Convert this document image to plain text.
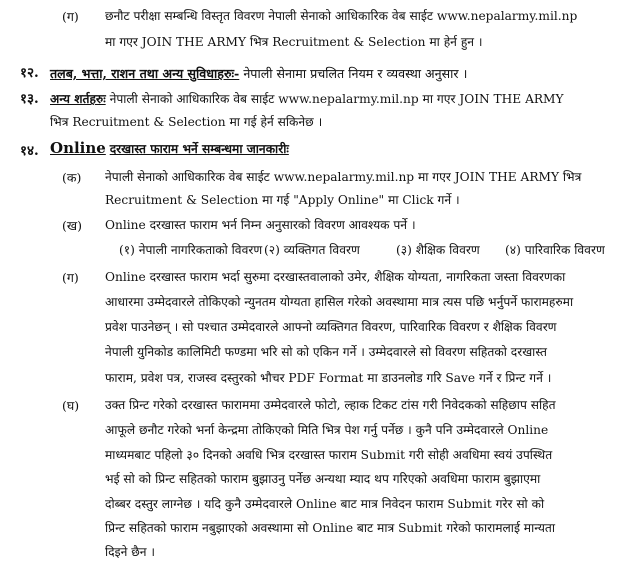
(ग) छनौट परीक्षा सम्बन्धि विस्तृत विवरण नेपाली सेनाको आधिकारिक वेब साईट www.nepalarmy.mil.np
मा गएर JOIN THE ARMY भित्र Recruitment & Selection मा हेर्न हुन ।
१२. तलब, भत्ता, राशन तथा अन्य सुविधाहरुः- नेपाली सेनामा प्रचलित नियम र व्यवस्था अनुसार ।
१३. अन्य शर्तहरुः नेपाली सेनाको आधिकारिक वेब साईट www.nepalarmy.mil.np मा गएर JOIN THE ARMY
भित्र Recruitment & Selection मा गई हेर्न सकिनेछ ।
१४. Online दरखास्त फाराम भर्ने सम्बन्धमा जानकारीः
(क) नेपाली सेनाको आधिकारिक वेब साईट www.nepalarmy.mil.np मा गएर JOIN THE ARMY भित्र
Recruitment & Selection मा गई "Apply Online" मा Click गर्ने ।
(ख) Online दरखास्त फाराम भर्न निम्न अनुसारको विवरण आवश्यक पर्ने ।
(१) नेपाली नागरिकताको विवरण (२) व्यक्तिगत विवरण	(३) शैक्षिक विवरण (४) पारिवारिक विवरण
(ग) Online दरखास्त फाराम भर्दा सुरुमा दरखास्तवालाको उमेर, शैक्षिक योग्यता, नागरिकता जस्ता विवरणका
आधारमा उम्मेदवारले तोकिएको न्युनतम योग्यता हासिल गरेको अवस्थामा मात्र त्यस पछि भर्नुपर्ने फारामहरुमा
प्रवेश पाउनेछन् । सो पश्चात उम्मेदवारले आफ्नो व्यक्तिगत विवरण, पारिवारिक विवरण र शैक्षिक विवरण
नेपाली युनिकोड कालिमिटी फण्डमा भरि सो को एकिन गर्ने । उम्मेदवारले सो विवरण सहितको दरखास्त
फाराम, प्रवेश पत्र, राजस्व दस्तुरको भौचर PDF Format मा डाउनलोड गरि Save गर्ने र प्रिन्ट गर्ने ।
(घ) उक्त प्रिन्ट गरेको दरखास्त फाराममा उम्मेदवारले फोटो, ल्हाक टिकट टांस गरी निवेदकको सहिछाप सहित
आफूले छनौट गरेको भर्ना केन्द्रमा तोकिएको मिति भित्र पेश गर्नु पर्नेछ । कुनै पनि उम्मेदवारले Online
माध्यमबाट पहिलो ३० दिनको अवधि भित्र दरखास्त फाराम Submit गरी सोही अवधिमा स्वयं उपस्थित
भई सो को प्रिन्ट सहितको फाराम बुझाउनु पर्नेछ अन्यथा म्याद थप गरिएको अवधिमा फाराम बुझाएमा
दोब्बर दस्तुर लाग्नेछ । यदि कुनै उम्मेदवारले Online बाट मात्र निवेदन फाराम Submit गरेर सो को
प्रिन्ट सहितको फाराम नबुझाएको अवस्थामा सो Online बाट मात्र Submit गरेको फारामलाई मान्यता
दिइने छैन ।
